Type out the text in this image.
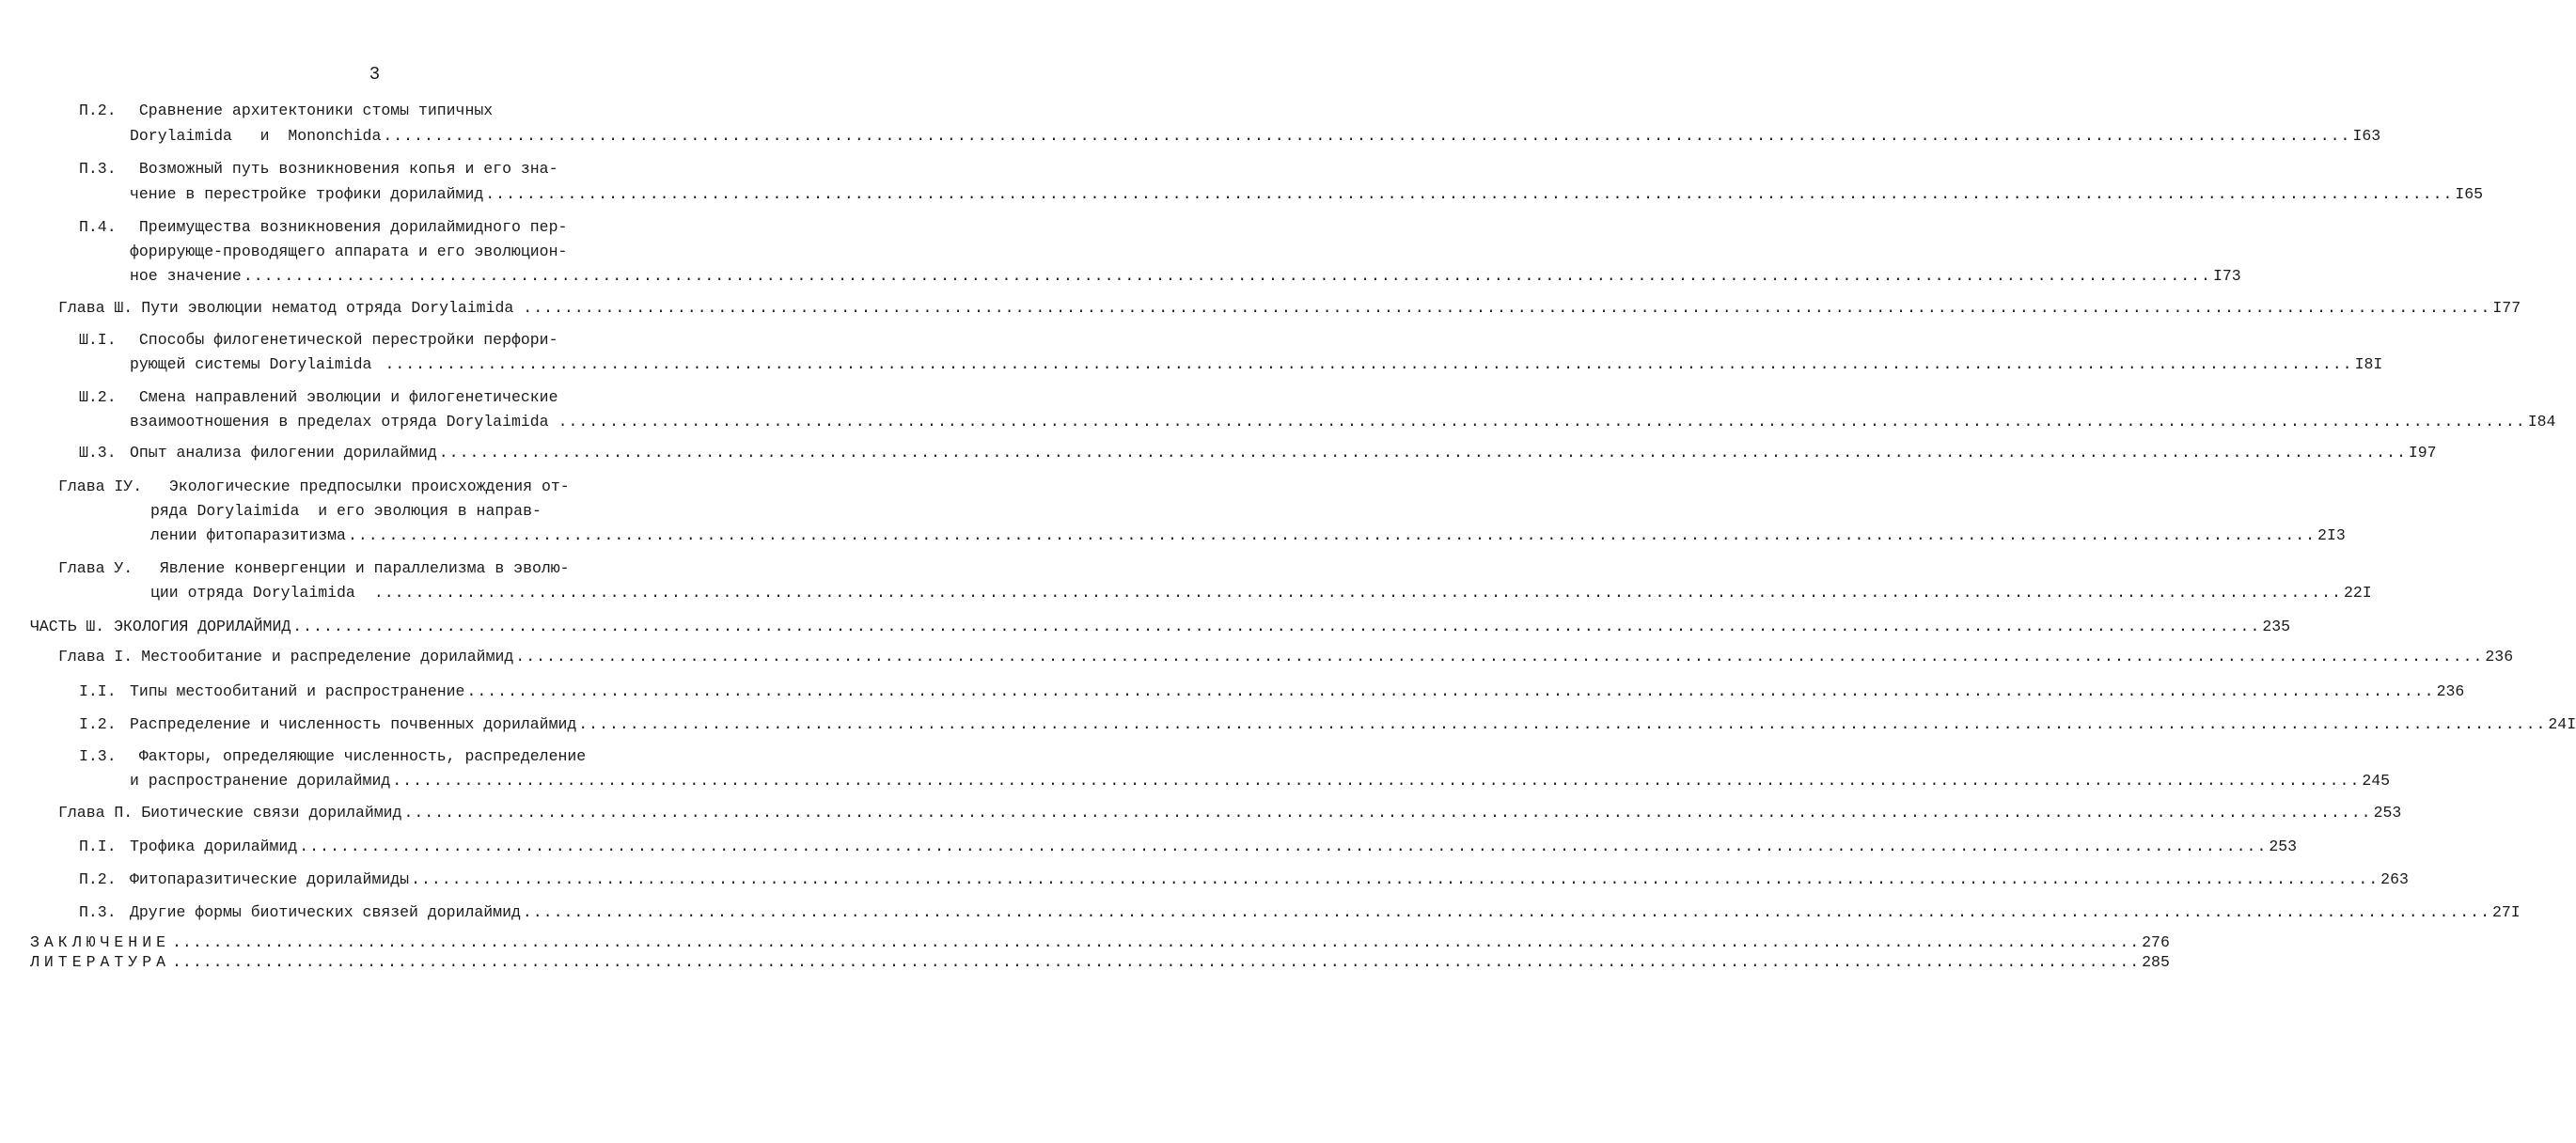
3
П.2. Сравнение архитектоники стомы типичных
Dorylaimida   и  Mononchida ................................................................................................................................................................................................ I63
П.3. Возможный путь возникновения копья и его зна-
чение в перестройке трофики дорилаймид ................................................................................................................................................................................................ I65
П.4. Преимущества возникновения дорилаймидного пер-
форирующе-проводящего аппарата и его эволюцион-
ное значение ................................................................................................................................................................................................ I73
Глава Ш. Пути эволюции нематод отряда Dorylaimida ................................................................................................................................................................................................ I77
Ш.I. Способы филогенетической перестройки перфори-
рующей системы Dorylaimida ................................................................................................................................................................................................ I8I
Ш.2. Смена направлений эволюции и филогенетические
взаимоотношения в пределах отряда Dorylaimida ................................................................................................................................................................................................ I84
Ш.3. Опыт анализа филогении дорилаймид ................................................................................................................................................................................................ I97
Глава IУ. Экологические предпосылки происхождения от-
ряда Dorylaimida  и его эволюция в направ-
лении фитопаразитизма ................................................................................................................................................................................................ 2I3
Глава У. Явление конвергенции и параллелизма в эволю-
ции отряда Dorylaimida ................................................................................................................................................................................................ 22I
ЧАСТЬ Ш. ЭКОЛОГИЯ ДОРИЛАЙМИД ................................................................................................................................................................................................ 235
Глава I. Местообитание и распределение дорилаймид ................................................................................................................................................................................................ 236
I.I. Типы местообитаний и распространение ................................................................................................................................................................................................ 236
I.2. Распределение и численность почвенных дорилаймид ................................................................................................................................................................................................ 24I
I.3. Факторы, определяющие численность, распределение
и распространение дорилаймид ................................................................................................................................................................................................ 245
Глава П. Биотические связи дорилаймид ................................................................................................................................................................................................ 253
П.I. Трофика дорилаймид ................................................................................................................................................................................................ 253
П.2. Фитопаразитические дорилаймиды ................................................................................................................................................................................................ 263
П.3. Другие формы биотических связей дорилаймид ................................................................................................................................................................................................ 27I
ЗАКЛЮЧЕНИЕ ................................................................................................................................................................................................ 276
ЛИТЕРАТУРА ................................................................................................................................................................................................ 285
